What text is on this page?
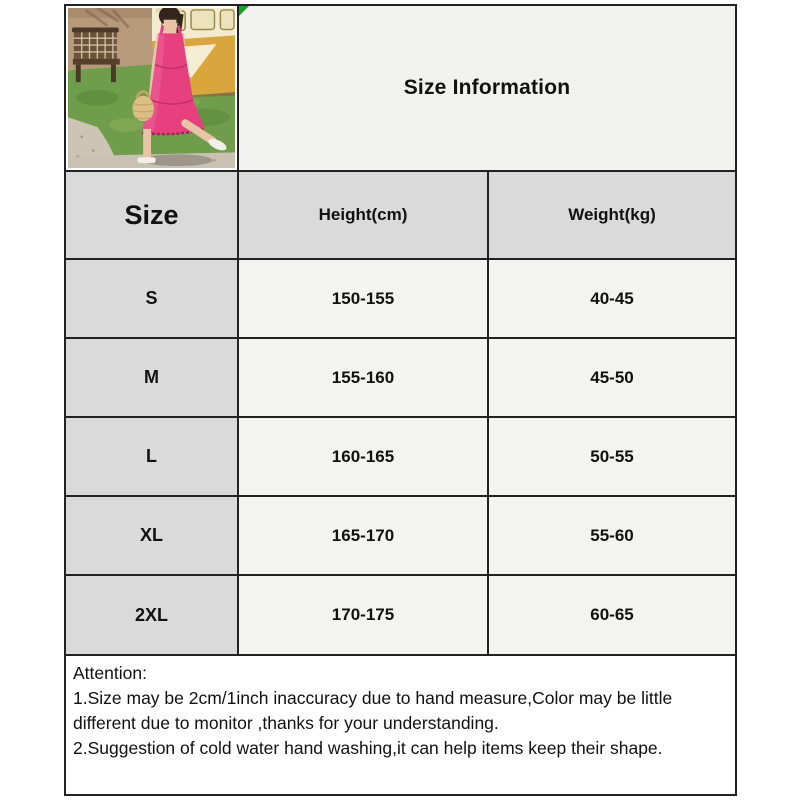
Size Information
Size	Height(cm)	Weight(kg)
S	150-155	40-45
M	155-160	45-50
L	160-165	50-55
XL	165-170	55-60
2XL	170-175	60-65
Attention:
1.Size may be 2cm/1inch inaccuracy due to hand measure,Color may be little different due to monitor ,thanks for your understanding.
2.Suggestion of cold water hand washing,it can help items keep their shape.
